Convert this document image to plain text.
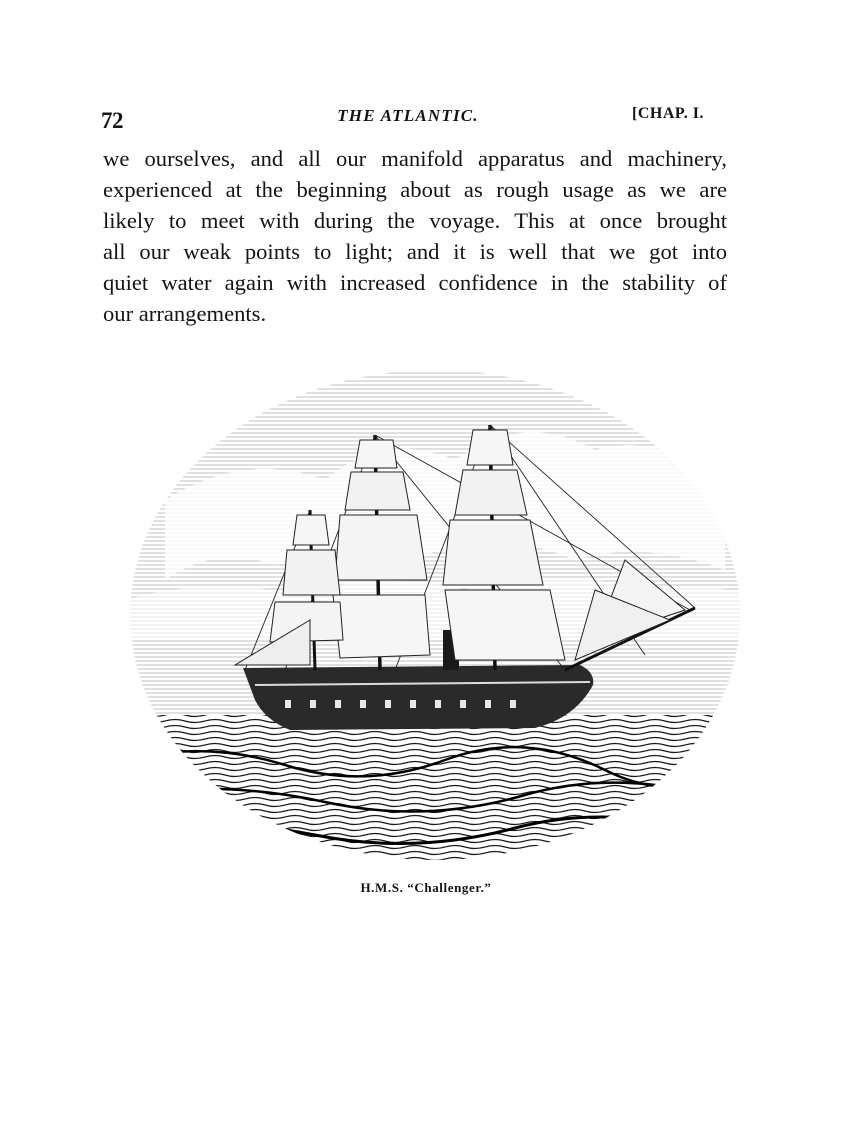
72	THE ATLANTIC.	[CHAP. I.
we ourselves, and all our manifold apparatus and machinery,
experienced at the beginning about as rough usage as we are
likely to meet with during the voyage. This at once brought
all our weak points to light; and it is well that we got into
quiet water again with increased confidence in the stability of
our arrangements.
H.M.S. “Challenger.”
